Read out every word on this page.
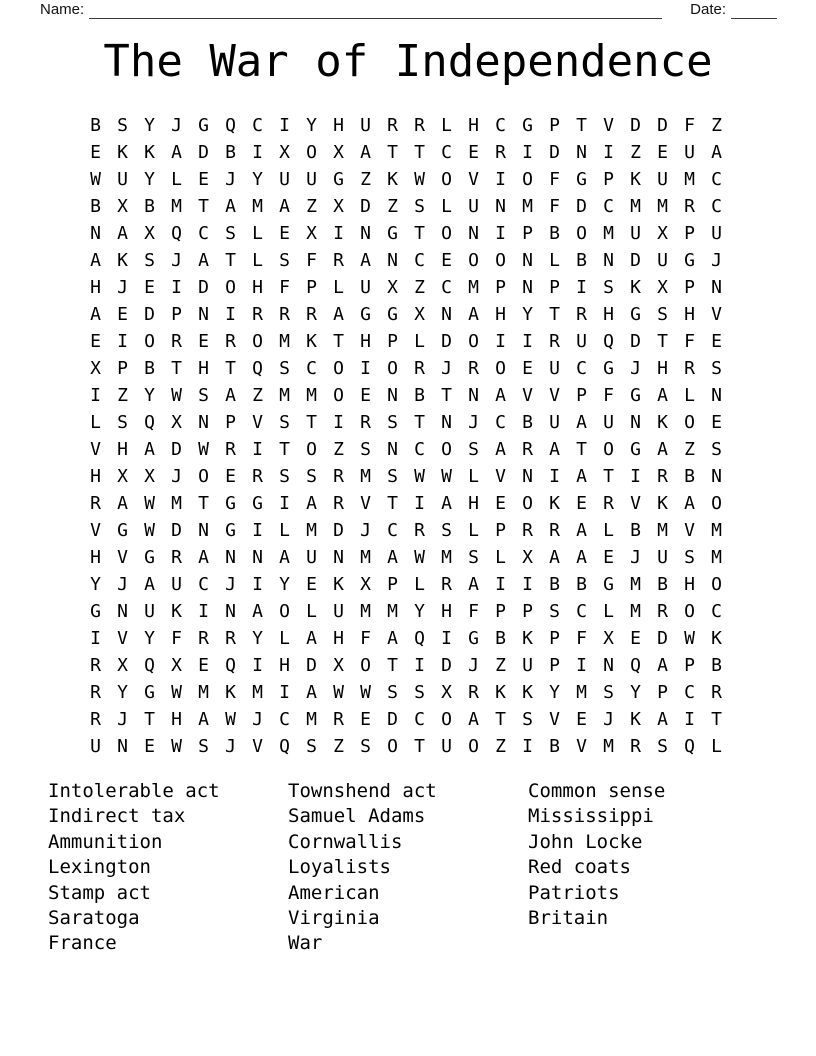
Name:	Date:
The War of Independence
B S Y J G Q C I Y H U R R L H C G P T V D D F Z
E K K A D B I X O X A T T C E R I D N I Z E U A
W U Y L E J Y U U G Z K W O V I O F G P K U M C
B X B M T A M A Z X D Z S L U N M F D C M M R C
N A X Q C S L E X I N G T O N I P B O M U X P U
A K S J A T L S F R A N C E O O N L B N D U G J
H J E I D O H F P L U X Z C M P N P I S K X P N
A E D P N I R R R A G G X N A H Y T R H G S H V
E I O R E R O M K T H P L D O I I R U Q D T F E
X P B T H T Q S C O I O R J R O E U C G J H R S
I Z Y W S A Z M M O E N B T N A V V P F G A L N
L S Q X N P V S T I R S T N J C B U A U N K O E
V H A D W R I T O Z S N C O S A R A T O G A Z S
H X X J O E R S S R M S W W L V N I A T I R B N
R A W M T G G I A R V T I A H E O K E R V K A O
V G W D N G I L M D J C R S L P R R A L B M V M
H V G R A N N A U N M A W M S L X A A E J U S M
Y J A U C J I Y E K X P L R A I I B B G M B H O
G N U K I N A O L U M M Y H F P P S C L M R O C
I V Y F R R Y L A H F A Q I G B K P F X E D W K
R X Q X E Q I H D X O T I D J Z U P I N Q A P B
R Y G W M K M I A W W S S X R K K Y M S Y P C R
R J T H A W J C M R E D C O A T S V E J K A I T
U N E W S J V Q S Z S O T U O Z I B V M R S Q L
Intolerable act
Indirect tax
Ammunition
Lexington
Stamp act
Saratoga
France
Townshend act
Samuel Adams
Cornwallis
Loyalists
American
Virginia
War
Common sense
Mississippi
John Locke
Red coats
Patriots
Britain
